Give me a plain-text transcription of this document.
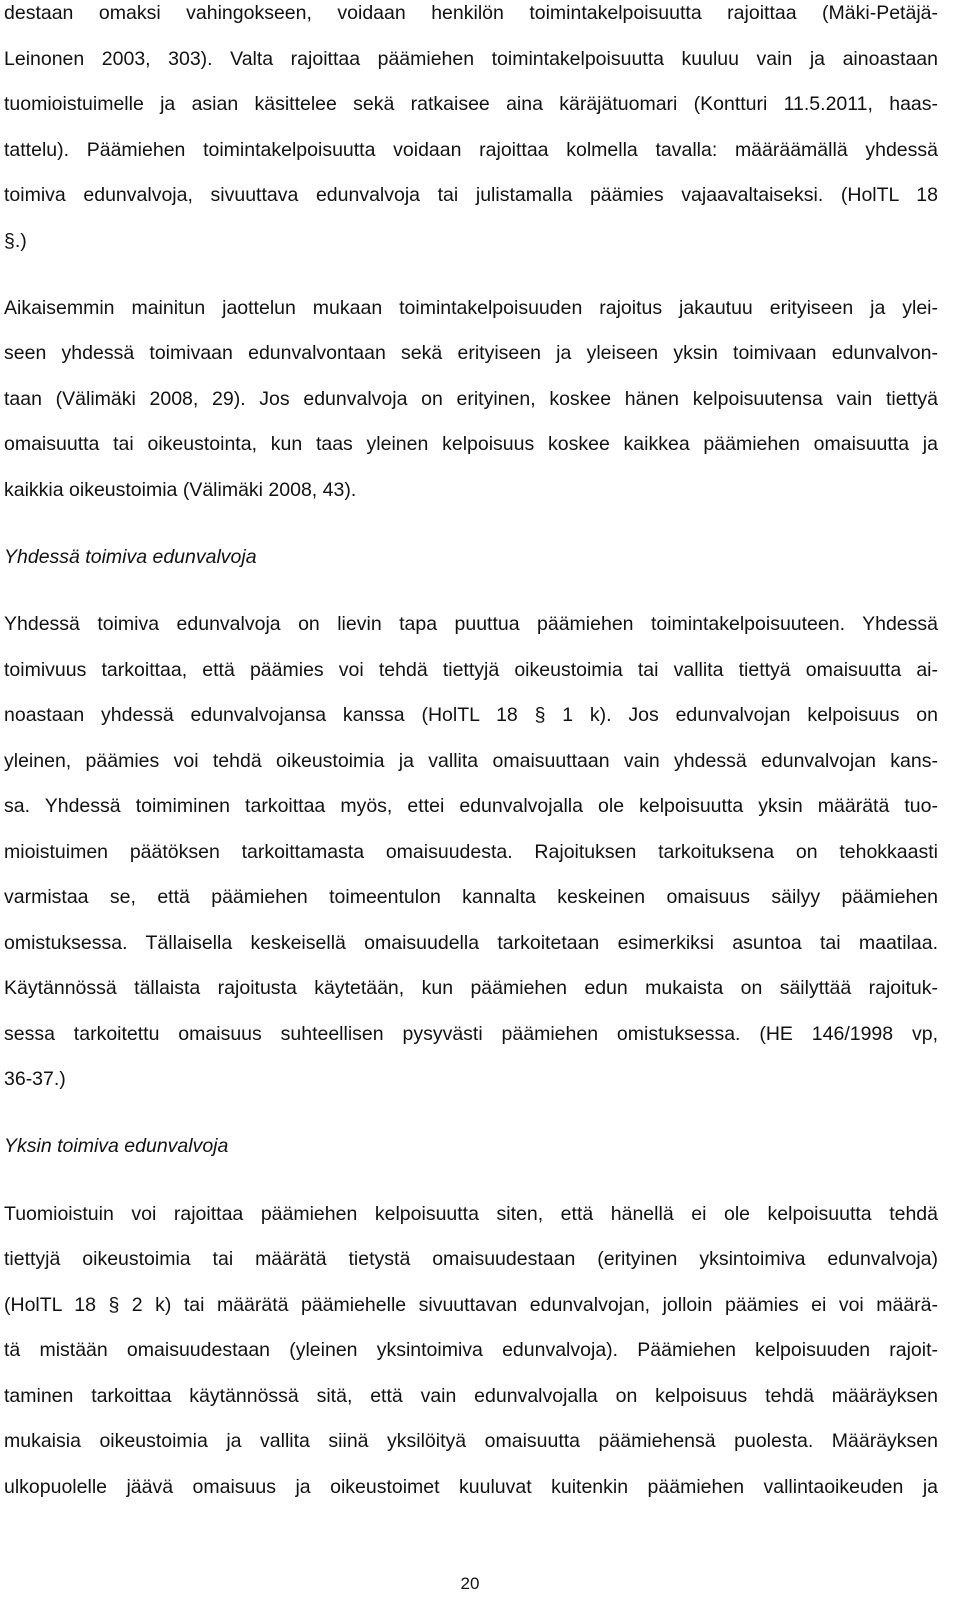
destaan omaksi vahingokseen, voidaan henkilön toimintakelpoisuutta rajoittaa (Mäki-Petäjä-
Leinonen 2003, 303). Valta rajoittaa päämiehen toimintakelpoisuutta kuuluu vain ja ainoastaan
tuomioistuimelle ja asian käsittelee sekä ratkaisee aina käräjätuomari (Kontturi 11.5.2011, haas-
tattelu). Päämiehen toimintakelpoisuutta voidaan rajoittaa kolmella tavalla: määräämällä yhdessä
toimiva edunvalvoja, sivuuttava edunvalvoja tai julistamalla päämies vajaavaltaiseksi. (HolTL 18
§.)
Aikaisemmin mainitun jaottelun mukaan toimintakelpoisuuden rajoitus jakautuu erityiseen ja ylei-
seen yhdessä toimivaan edunvalvontaan sekä erityiseen ja yleiseen yksin toimivaan edunvalvon-
taan (Välimäki 2008, 29). Jos edunvalvoja on erityinen, koskee hänen kelpoisuutensa vain tiettyä
omaisuutta tai oikeustointa, kun taas yleinen kelpoisuus koskee kaikkea päämiehen omaisuutta ja
kaikkia oikeustoimia (Välimäki 2008, 43).
Yhdessä toimiva edunvalvoja
Yhdessä toimiva edunvalvoja on lievin tapa puuttua päämiehen toimintakelpoisuuteen. Yhdessä
toimivuus tarkoittaa, että päämies voi tehdä tiettyjä oikeustoimia tai vallita tiettyä omaisuutta ai-
noastaan yhdessä edunvalvojansa kanssa (HolTL 18 § 1 k). Jos edunvalvojan kelpoisuus on
yleinen, päämies voi tehdä oikeustoimia ja vallita omaisuuttaan vain yhdessä edunvalvojan kans-
sa. Yhdessä toimiminen tarkoittaa myös, ettei edunvalvojalla ole kelpoisuutta yksin määrätä tuo-
mioistuimen päätöksen tarkoittamasta omaisuudesta. Rajoituksen tarkoituksena on tehokkaasti
varmistaa se, että päämiehen toimeentulon kannalta keskeinen omaisuus säilyy päämiehen
omistuksessa. Tällaisella keskeisellä omaisuudella tarkoitetaan esimerkiksi asuntoa tai maatilaa.
Käytännössä tällaista rajoitusta käytetään, kun päämiehen edun mukaista on säilyttää rajoituk-
sessa tarkoitettu omaisuus suhteellisen pysyvästi päämiehen omistuksessa. (HE 146/1998 vp,
36-37.)
Yksin toimiva edunvalvoja
Tuomioistuin voi rajoittaa päämiehen kelpoisuutta siten, että hänellä ei ole kelpoisuutta tehdä
tiettyjä oikeustoimia tai määrätä tietystä omaisuudestaan (erityinen yksintoimiva edunvalvoja)
(HolTL 18 § 2 k) tai määrätä päämiehelle sivuuttavan edunvalvojan, jolloin päämies ei voi määrä-
tä mistään omaisuudestaan (yleinen yksintoimiva edunvalvoja). Päämiehen kelpoisuuden rajoit-
taminen tarkoittaa käytännössä sitä, että vain edunvalvojalla on kelpoisuus tehdä määräyksen
mukaisia oikeustoimia ja vallita siinä yksilöityä omaisuutta päämiehensä puolesta. Määräyksen
ulkopuolelle jäävä omaisuus ja oikeustoimet kuuluvat kuitenkin päämiehen vallintaoikeuden ja
20
